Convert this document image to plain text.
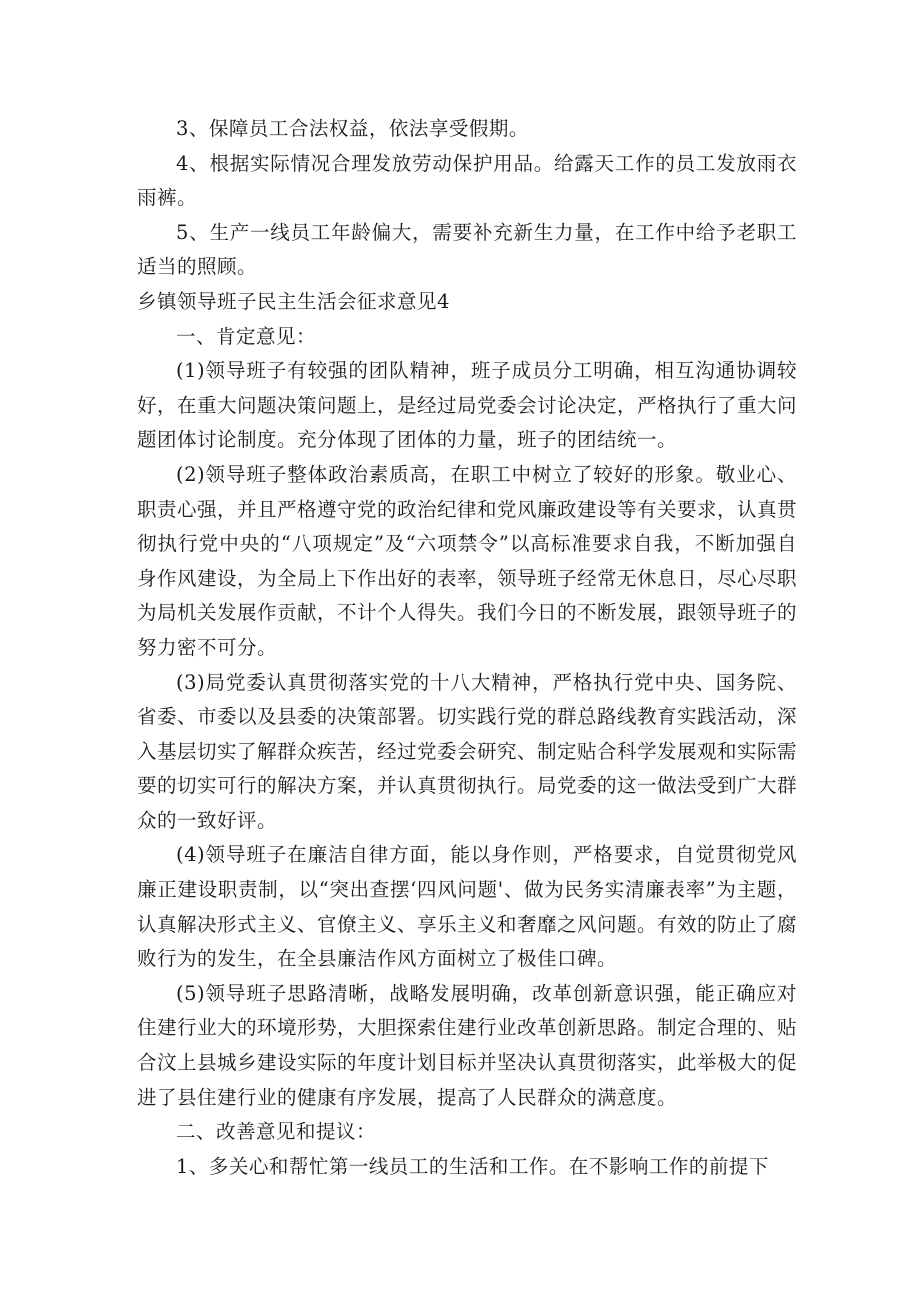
3、保障员工合法权益，依法享受假期。

4、根据实际情况合理发放劳动保护用品。给露天工作的员工发放雨衣雨裤。

5、生产一线员工年龄偏大，需要补充新生力量，在工作中给予老职工适当的照顾。

乡镇领导班子民主生活会征求意见4

一、肯定意见：

(1)领导班子有较强的团队精神，班子成员分工明确，相互沟通协调较好，在重大问题决策问题上，是经过局党委会讨论决定，严格执行了重大问题团体讨论制度。充分体现了团体的力量，班子的团结统一。

(2)领导班子整体政治素质高，在职工中树立了较好的形象。敬业心、职责心强，并且严格遵守党的政治纪律和党风廉政建设等有关要求，认真贯彻执行党中央的“八项规定”及“六项禁令”以高标准要求自我，不断加强自身作风建设，为全局上下作出好的表率，领导班子经常无休息日，尽心尽职为局机关发展作贡献，不计个人得失。我们今日的不断发展，跟领导班子的努力密不可分。

(3)局党委认真贯彻落实党的十八大精神，严格执行党中央、国务院、省委、市委以及县委的决策部署。切实践行党的群总路线教育实践活动，深入基层切实了解群众疾苦，经过党委会研究、制定贴合科学发展观和实际需要的切实可行的解决方案，并认真贯彻执行。局党委的这一做法受到广大群众的一致好评。

(4)领导班子在廉洁自律方面，能以身作则，严格要求，自觉贯彻党风廉正建设职责制，以“突出查摆‘四风问题'、做为民务实清廉表率”为主题，认真解决形式主义、官僚主义、享乐主义和奢靡之风问题。有效的防止了腐败行为的发生，在全县廉洁作风方面树立了极佳口碑。

(5)领导班子思路清晰，战略发展明确，改革创新意识强，能正确应对住建行业大的环境形势，大胆探索住建行业改革创新思路。制定合理的、贴合汶上县城乡建设实际的年度计划目标并坚决认真贯彻落实，此举极大的促进了县住建行业的健康有序发展，提高了人民群众的满意度。

二、改善意见和提议：

1、多关心和帮忙第一线员工的生活和工作。在不影响工作的前提下
